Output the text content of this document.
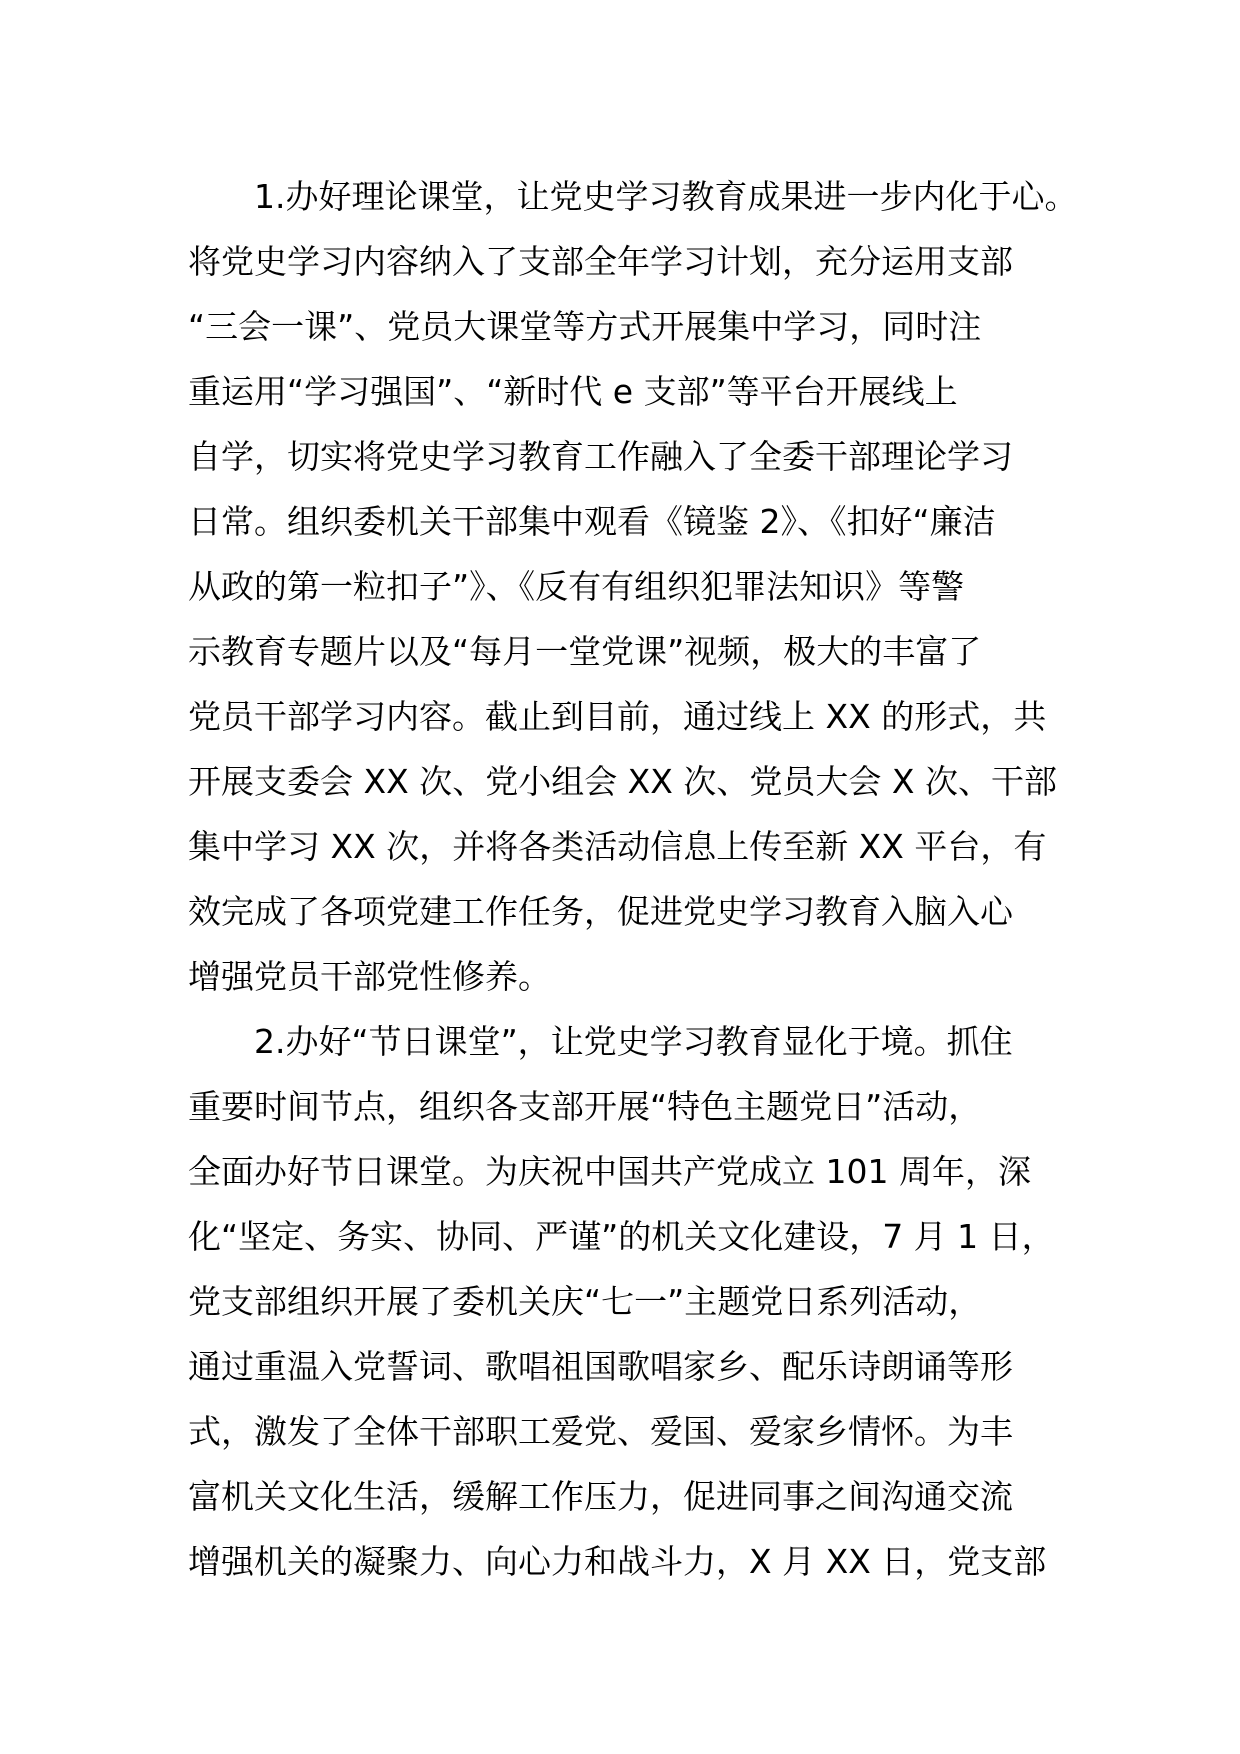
1.办好理论课堂，让党史学习教育成果进一步内化于心。
将党史学习内容纳入了支部全年学习计划，充分运用支部
“三会一课”、党员大课堂等方式开展集中学习，同时注
重运用“学习强国”、“新时代 e 支部”等平台开展线上
自学，切实将党史学习教育工作融入了全委干部理论学习
日常。组织委机关干部集中观看《镜鉴 2》、《扣好“廉洁
从政的第一粒扣子”》、《反有有组织犯罪法知识》等警
示教育专题片以及“每月一堂党课”视频，极大的丰富了
党员干部学习内容。截止到目前，通过线上 XX 的形式，共
开展支委会 XX 次、党小组会 XX 次、党员大会 X 次、干部
集中学习 XX 次，并将各类活动信息上传至新 XX 平台，有
效完成了各项党建工作任务，促进党史学习教育入脑入心
增强党员干部党性修养。
2.办好“节日课堂”，让党史学习教育显化于境。抓住
重要时间节点，组织各支部开展“特色主题党日”活动，
全面办好节日课堂。为庆祝中国共产党成立 101 周年，深
化“坚定、务实、协同、严谨”的机关文化建设，7 月 1 日，
党支部组织开展了委机关庆“七一”主题党日系列活动，
通过重温入党誓词、歌唱祖国歌唱家乡、配乐诗朗诵等形
式，激发了全体干部职工爱党、爱国、爱家乡情怀。为丰
富机关文化生活，缓解工作压力，促进同事之间沟通交流
增强机关的凝聚力、向心力和战斗力，X 月 XX 日，党支部
